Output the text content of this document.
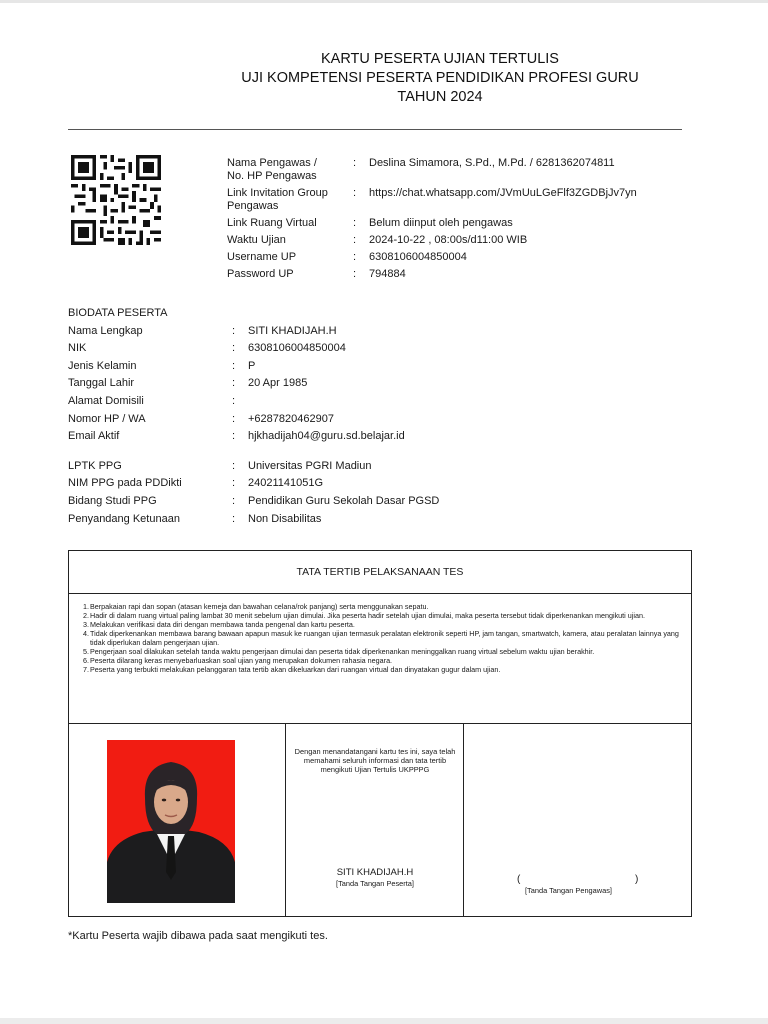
KARTU PESERTA UJIAN TERTULIS
UJI KOMPETENSI PESERTA PENDIDIKAN PROFESI GURU
TAHUN 2024
Nama Pengawas /
No. HP Pengawas
:	Deslina Simamora, S.Pd., M.Pd. / 6281362074811
Link Invitation Group
Pengawas
:	https://chat.whatsapp.com/JVmUuLGeFlf3ZGDBjJv7yn
Link Ruang Virtual	:	Belum diinput oleh pengawas
Waktu Ujian	:	2024-10-22 , 08:00s/d11:00 WIB
Username UP	:	6308106004850004
Password UP	:	794884
BIODATA PESERTA
Nama Lengkap	:	SITI KHADIJAH.H
NIK	:	6308106004850004
Jenis Kelamin	:	P
Tanggal Lahir	:	20 Apr 1985
Alamat Domisili	:
Nomor HP / WA	:	+6287820462907
Email Aktif	:	hjkhadijah04@guru.sd.belajar.id
LPTK PPG	:	Universitas PGRI Madiun
NIM PPG pada PDDikti	:	24021141051G
Bidang Studi PPG	:	Pendidikan Guru Sekolah Dasar PGSD
Penyandang Ketunaan	:	Non Disabilitas
TATA TERTIB PELAKSANAAN TES
1. Berpakaian rapi dan sopan (atasan kemeja dan bawahan celana/rok panjang) serta menggunakan sepatu.
2. Hadir di dalam ruang virtual paling lambat 30 menit sebelum ujian dimulai. Jika peserta hadir setelah ujian dimulai, maka peserta tersebut tidak diperkenankan mengikuti ujian.
3. Melakukan verifikasi data diri dengan membawa tanda pengenal dan kartu peserta.
4. Tidak diperkenankan membawa barang bawaan apapun masuk ke ruangan ujian termasuk peralatan elektronik seperti HP, jam tangan, smartwatch, kamera, atau peralatan lainnya yang tidak diperlukan dalam pengerjaan ujian.
5. Pengerjaan soal dilakukan setelah tanda waktu pengerjaan dimulai dan peserta tidak diperkenankan meninggalkan ruang virtual sebelum waktu ujian berakhir.
6. Peserta dilarang keras menyebarluaskan soal ujian yang merupakan dokumen rahasia negara.
7. Peserta yang terbukti melakukan pelanggaran tata tertib akan dikeluarkan dari ruangan virtual dan dinyatakan gugur dalam ujian.
Dengan menandatangani kartu tes ini, saya telah memahami seluruh informasi dan tata tertib mengikuti Ujian Tertulis UKPPPG
SITI KHADIJAH.H
[Tanda Tangan Peserta]	(	)
[Tanda Tangan Pengawas]
*Kartu Peserta wajib dibawa pada saat mengikuti tes.
